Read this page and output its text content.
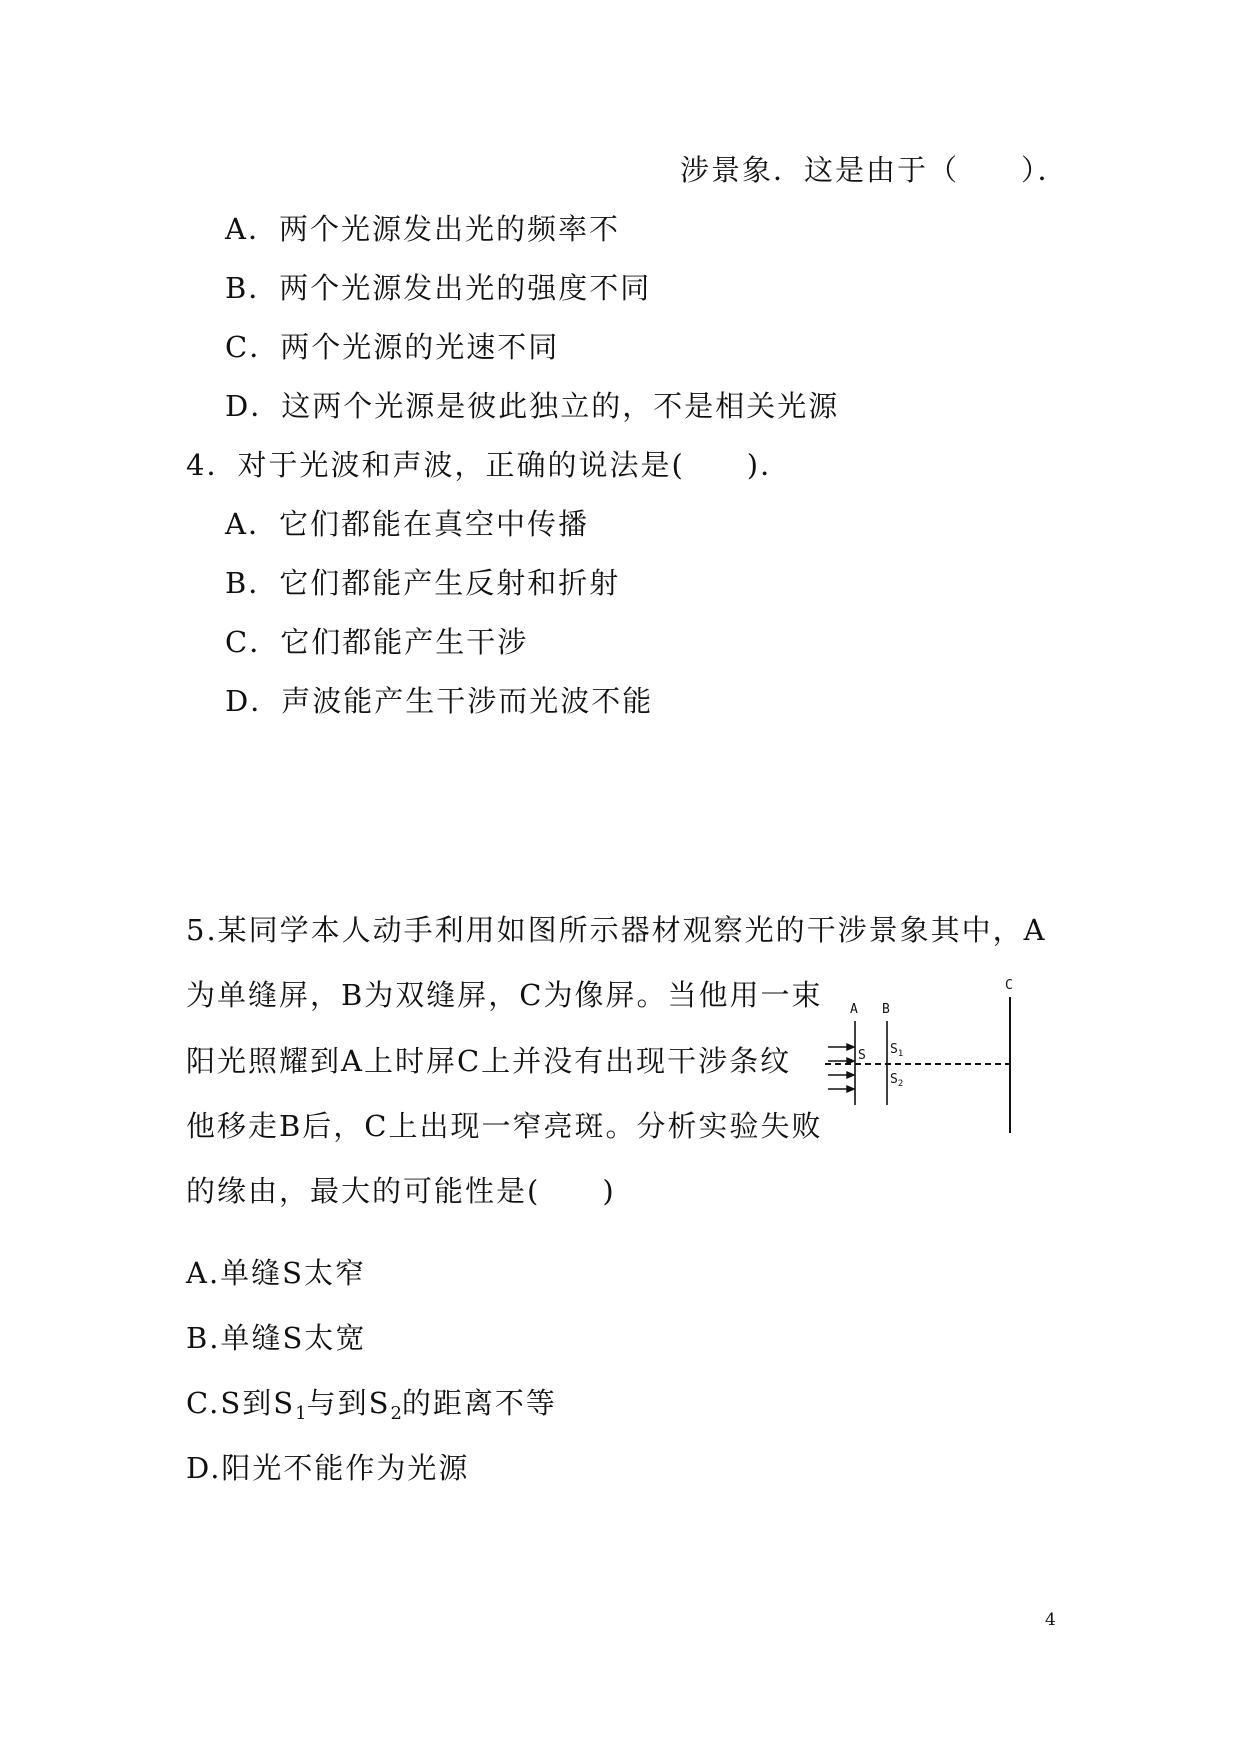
涉景象．这是由于（　　）．
A．两个光源发出光的频率不
B．两个光源发出光的强度不同
C．两个光源的光速不同
D．这两个光源是彼此独立的，不是相关光源
4．对于光波和声波，正确的说法是(　　)．
A．它们都能在真空中传播
B．它们都能产生反射和折射
C．它们都能产生干涉
D．声波能产生干涉而光波不能
5.某同学本人动手利用如图所示器材观察光的干涉景象其中，A
为单缝屏，B为双缝屏，C为像屏。当他用一束
阳光照耀到A上时屏C上并没有出现干涉条纹
他移走B后，C上出现一窄亮斑。分析实验失败
的缘由，最大的可能性是(　　)
C
A B
S $S_1$
$S_2$
A.单缝S太窄
B.单缝S太宽
C.S到$S_1$与到$S_2$的距离不等
D.阳光不能作为光源
4
